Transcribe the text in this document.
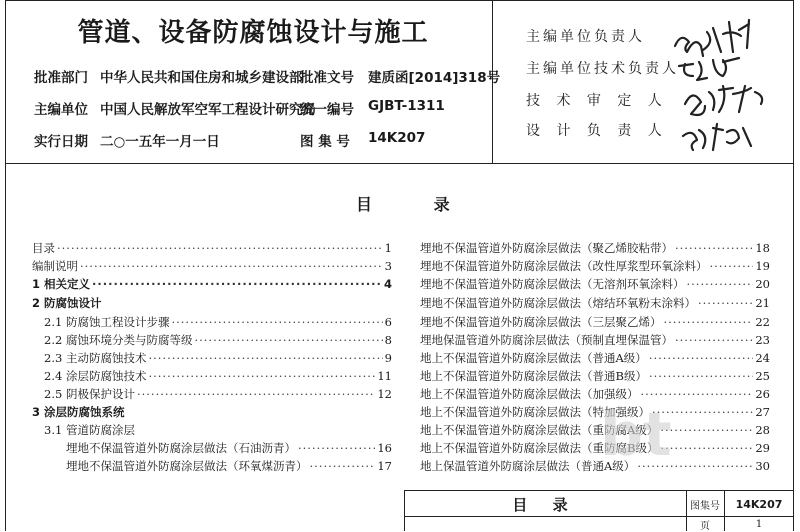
管道、设备防腐蚀设计与施工
批准部门 中华人民共和国住房和城乡建设部
批准文号 建质函[2014]318号
主编单位 中国人民解放军空军工程设计研究局
统一编号 GJBT-1311
实行日期 二○一五年一月一日	图 集 号 14K207
主编单位负责人
主编单位技术负责人
技 术 审 定 人
设 计 负 责 人
目 录
目录 ·····	1
编制说明 ·····	3
1 相关定义 ·····	4
2 防腐蚀设计
2.1 防腐蚀工程设计步骤 ·····	6
2.2 腐蚀环境分类与防腐等级 ·····	8
2.3 主动防腐蚀技术 ·····	9
2.4 涂层防腐蚀技术 ·····	11
2.5 阴极保护设计 ·····	12
3 涂层防腐蚀系统
3.1 管道防腐涂层
埋地不保温管道外防腐涂层做法（石油沥青） ·····	16
埋地不保温管道外防腐涂层做法（环氧煤沥青） ·····	17
埋地不保温管道外防腐涂层做法（聚乙烯胶粘带） ·····	18
埋地不保温管道外防腐涂层做法（改性厚浆型环氧涂料） ·····	19
埋地不保温管道外防腐涂层做法（无溶剂环氧涂料） ·····	20
埋地不保温管道外防腐涂层做法（熔结环氧粉末涂料） ·····	21
埋地不保温管道外防腐涂层做法（三层聚乙烯） ·····	22
埋地保温管道外防腐涂层做法（预制直埋保温管） ·····	23
地上不保温管道外防腐涂层做法（普通A级） ·····	24
地上不保温管道外防腐涂层做法（普通B级） ·····	25
地上不保温管道外防腐涂层做法（加强级） ·····	26
地上不保温管道外防腐涂层做法（特加强级） ·····	27
地上不保温管道外防腐涂层做法（重防腐A级） ·····	28
地上不保温管道外防腐涂层做法（重防腐B级） ·····	29
地上保温管道外防腐涂层做法（普通A级） ·····	30
bt
目 录	图集号	14K207
页	1
